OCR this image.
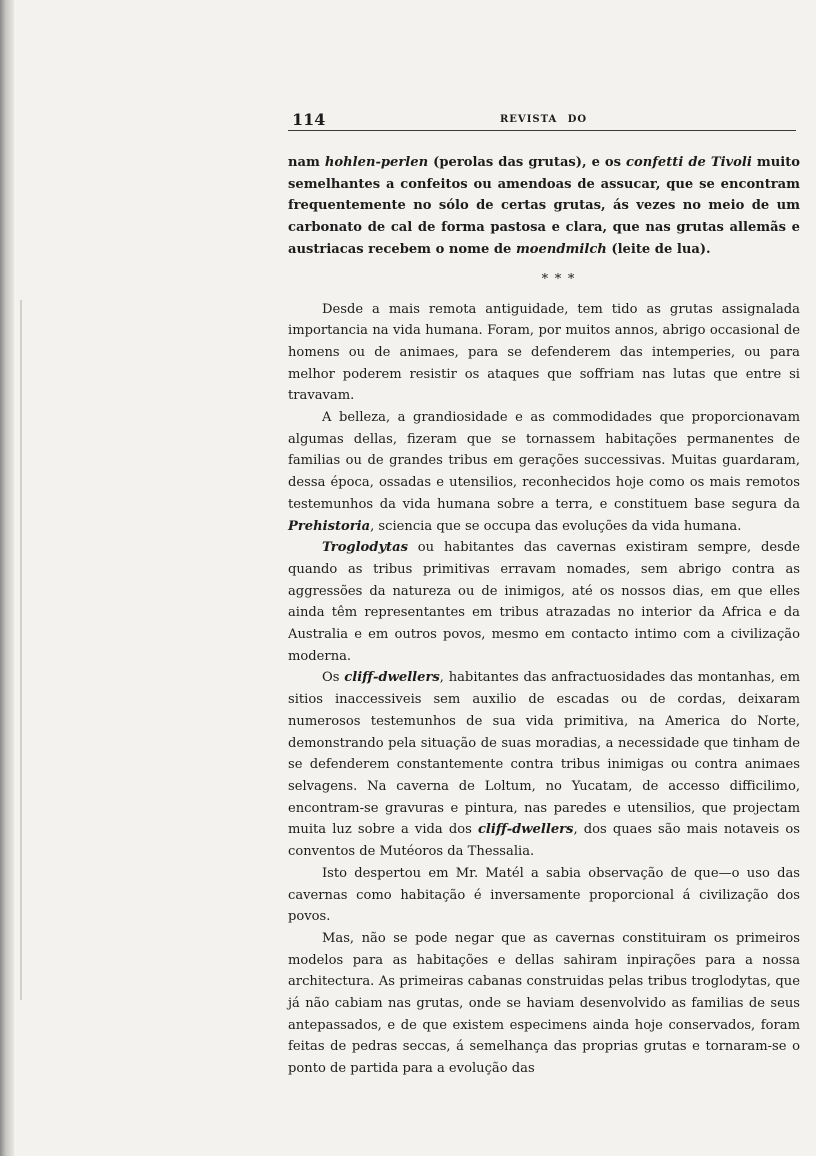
114	REVISTA DO

nam hohlen-perlen (perolas das grutas), e os confetti de Tivoli muito semelhantes a confeitos ou amendoas de assucar, que se encontram frequentemente no sólo de certas grutas, ás vezes no meio de um carbonato de cal de forma pastosa e clara, que nas grutas allemãs e austriacas recebem o nome de moendmilch (leite de lua).

* * *

Desde a mais remota antiguidade, tem tido as grutas assignalada importancia na vida humana. Foram, por muitos annos, abrigo occasional de homens ou de animaes, para se defenderem das intemperies, ou para melhor poderem resistir os ataques que soffriam nas lutas que entre si travavam.

A belleza, a grandiosidade e as commodidades que proporcionavam algumas dellas, fizeram que se tornassem habitações permanentes de familias ou de grandes tribus em gerações successivas. Muitas guardaram, dessa época, ossadas e utensilios, reconhecidos hoje como os mais remotos testemunhos da vida humana sobre a terra, e constituem base segura da Prehistoria, sciencia que se occupa das evoluções da vida humana.

Troglodytas ou habitantes das cavernas existiram sempre, desde quando as tribus primitivas erravam nomades, sem abrigo contra as aggressões da natureza ou de inimigos, até os nossos dias, em que elles ainda têm representantes em tribus atrazadas no interior da Africa e da Australia e em outros povos, mesmo em contacto intimo com a civilização moderna.

Os cliff-dwellers, habitantes das anfractuosidades das montanhas, em sitios inaccessiveis sem auxilio de escadas ou de cordas, deixaram numerosos testemunhos de sua vida primitiva, na America do Norte, demonstrando pela situação de suas moradias, a necessidade que tinham de se defenderem constantemente contra tribus inimigas ou contra animaes selvagens. Na caverna de Loltum, no Yucatam, de accesso difficilimo, encontram-se gravuras e pintura, nas paredes e utensilios, que projectam muita luz sobre a vida dos cliff-dwellers, dos quaes são mais notaveis os conventos de Mutéoros da Thessalia.

Isto despertou em Mr. Matél a sabia observação de que—o uso das cavernas como habitação é inversamente proporcional á civilização dos povos.

Mas, não se pode negar que as cavernas constituiram os primeiros modelos para as habitações e dellas sahiram inpirações para a nossa architectura. As primeiras cabanas construidas pelas tribus troglodytas, que já não cabiam nas grutas, onde se haviam desenvolvido as familias de seus antepassados, e de que existem especimens ainda hoje conservados, foram feitas de pedras seccas, á semelhança das proprias grutas e tornaram-se o ponto de partida para a evolução das
